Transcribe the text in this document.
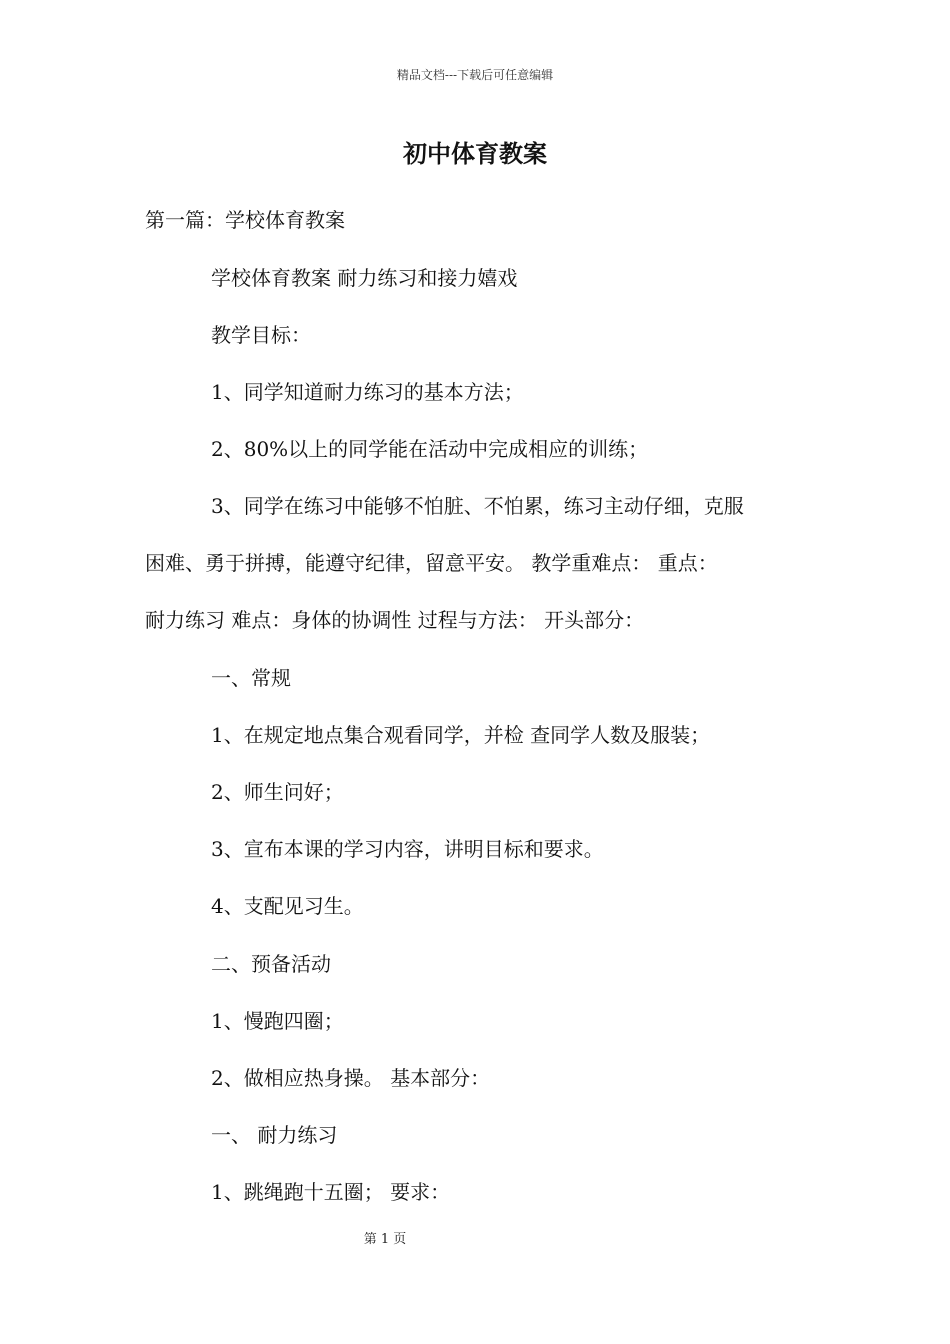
精品文档---下载后可任意编辑
初中体育教案
第一篇：学校体育教案
学校体育教案 耐力练习和接力嬉戏
教学目标：
1、同学知道耐力练习的基本方法；
2、80%以上的同学能在活动中完成相应的训练；
3、同学在练习中能够不怕脏、不怕累，练习主动仔细，克服
困难、勇于拼搏，能遵守纪律，留意平安。 教学重难点： 重点：
耐力练习 难点：身体的协调性 过程与方法： 开头部分：
一、常规
1、在规定地点集合观看同学，并检 查同学人数及服装；
2、师生问好；
3、宣布本课的学习内容，讲明目标和要求。
4、支配见习生。
二、预备活动
1、慢跑四圈；
2、做相应热身操。 基本部分：
一、 耐力练习
1、跳绳跑十五圈； 要求：
第 1 页
